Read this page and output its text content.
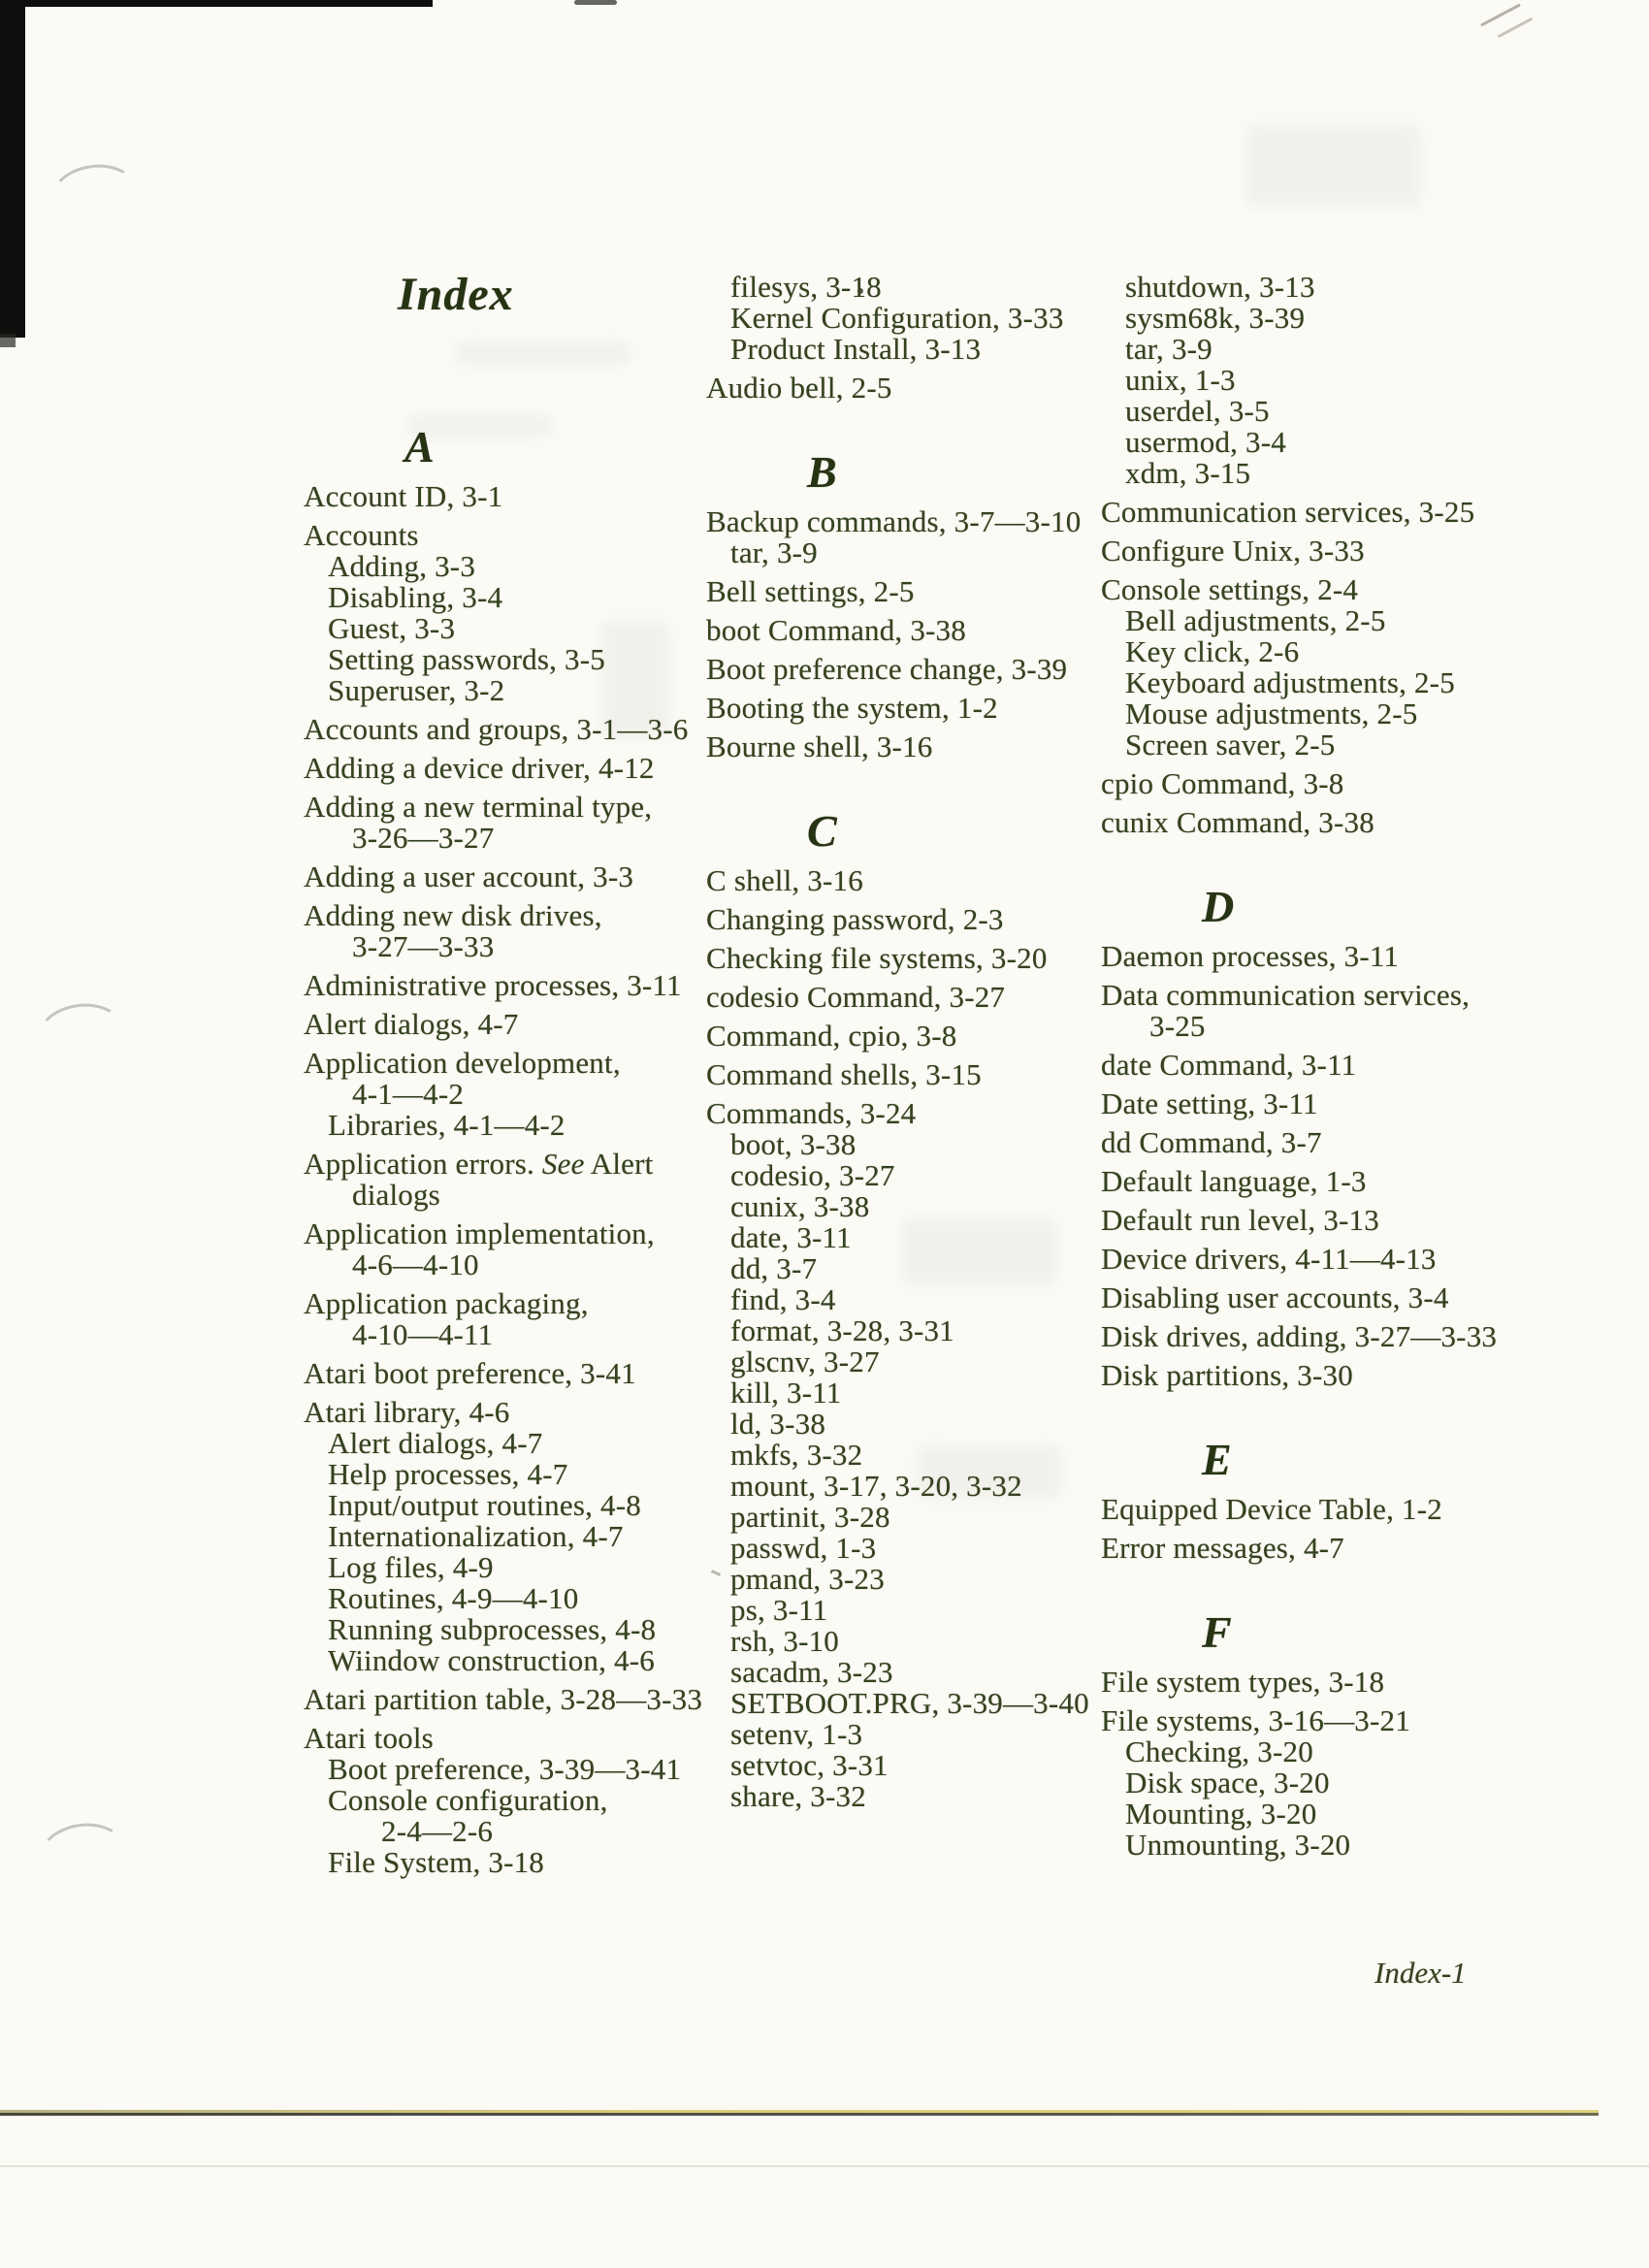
Index
A
Account ID, 3-1
Accounts
Adding, 3-3
Disabling, 3-4
Guest, 3-3
Setting passwords, 3-5
Superuser, 3-2
Accounts and groups, 3-1—3-6
Adding a device driver, 4-12
Adding a new terminal type,
3-26—3-27
Adding a user account, 3-3
Adding new disk drives,
3-27—3-33
Administrative processes, 3-11
Alert dialogs, 4-7
Application development,
4-1—4-2
Libraries, 4-1—4-2
Application errors. See Alert
dialogs
Application implementation,
4-6—4-10
Application packaging,
4-10—4-11
Atari boot preference, 3-41
Atari library, 4-6
Alert dialogs, 4-7
Help processes, 4-7
Input/output routines, 4-8
Internationalization, 4-7
Log files, 4-9
Routines, 4-9—4-10
Running subprocesses, 4-8
Wiindow construction, 4-6
Atari partition table, 3-28—3-33
Atari tools
Boot preference, 3-39—3-41
Console configuration,
2-4—2-6
File System, 3-18
filesys, 3-18
Kernel Configuration, 3-33
Product Install, 3-13
Audio bell, 2-5
B
Backup commands, 3-7—3-10
tar, 3-9
Bell settings, 2-5
boot Command, 3-38
Boot preference change, 3-39
Booting the system, 1-2
Bourne shell, 3-16
C
C shell, 3-16
Changing password, 2-3
Checking file systems, 3-20
codesio Command, 3-27
Command, cpio, 3-8
Command shells, 3-15
Commands, 3-24
boot, 3-38
codesio, 3-27
cunix, 3-38
date, 3-11
dd, 3-7
find, 3-4
format, 3-28, 3-31
glscnv, 3-27
kill, 3-11
ld, 3-38
mkfs, 3-32
mount, 3-17, 3-20, 3-32
partinit, 3-28
passwd, 1-3
pmand, 3-23
ps, 3-11
rsh, 3-10
sacadm, 3-23
SETBOOT.PRG, 3-39—3-40
setenv, 1-3
setvtoc, 3-31
share, 3-32
shutdown, 3-13
sysm68k, 3-39
tar, 3-9
unix, 1-3
userdel, 3-5
usermod, 3-4
xdm, 3-15
Communication services, 3-25
Configure Unix, 3-33
Console settings, 2-4
Bell adjustments, 2-5
Key click, 2-6
Keyboard adjustments, 2-5
Mouse adjustments, 2-5
Screen saver, 2-5
cpio Command, 3-8
cunix Command, 3-38
D
Daemon processes, 3-11
Data communication services,
3-25
date Command, 3-11
Date setting, 3-11
dd Command, 3-7
Default language, 1-3
Default run level, 3-13
Device drivers, 4-11—4-13
Disabling user accounts, 3-4
Disk drives, adding, 3-27—3-33
Disk partitions, 3-30
E
Equipped Device Table, 1-2
Error messages, 4-7
F
File system types, 3-18
File systems, 3-16—3-21
Checking, 3-20
Disk space, 3-20
Mounting, 3-20
Unmounting, 3-20
Index-1
